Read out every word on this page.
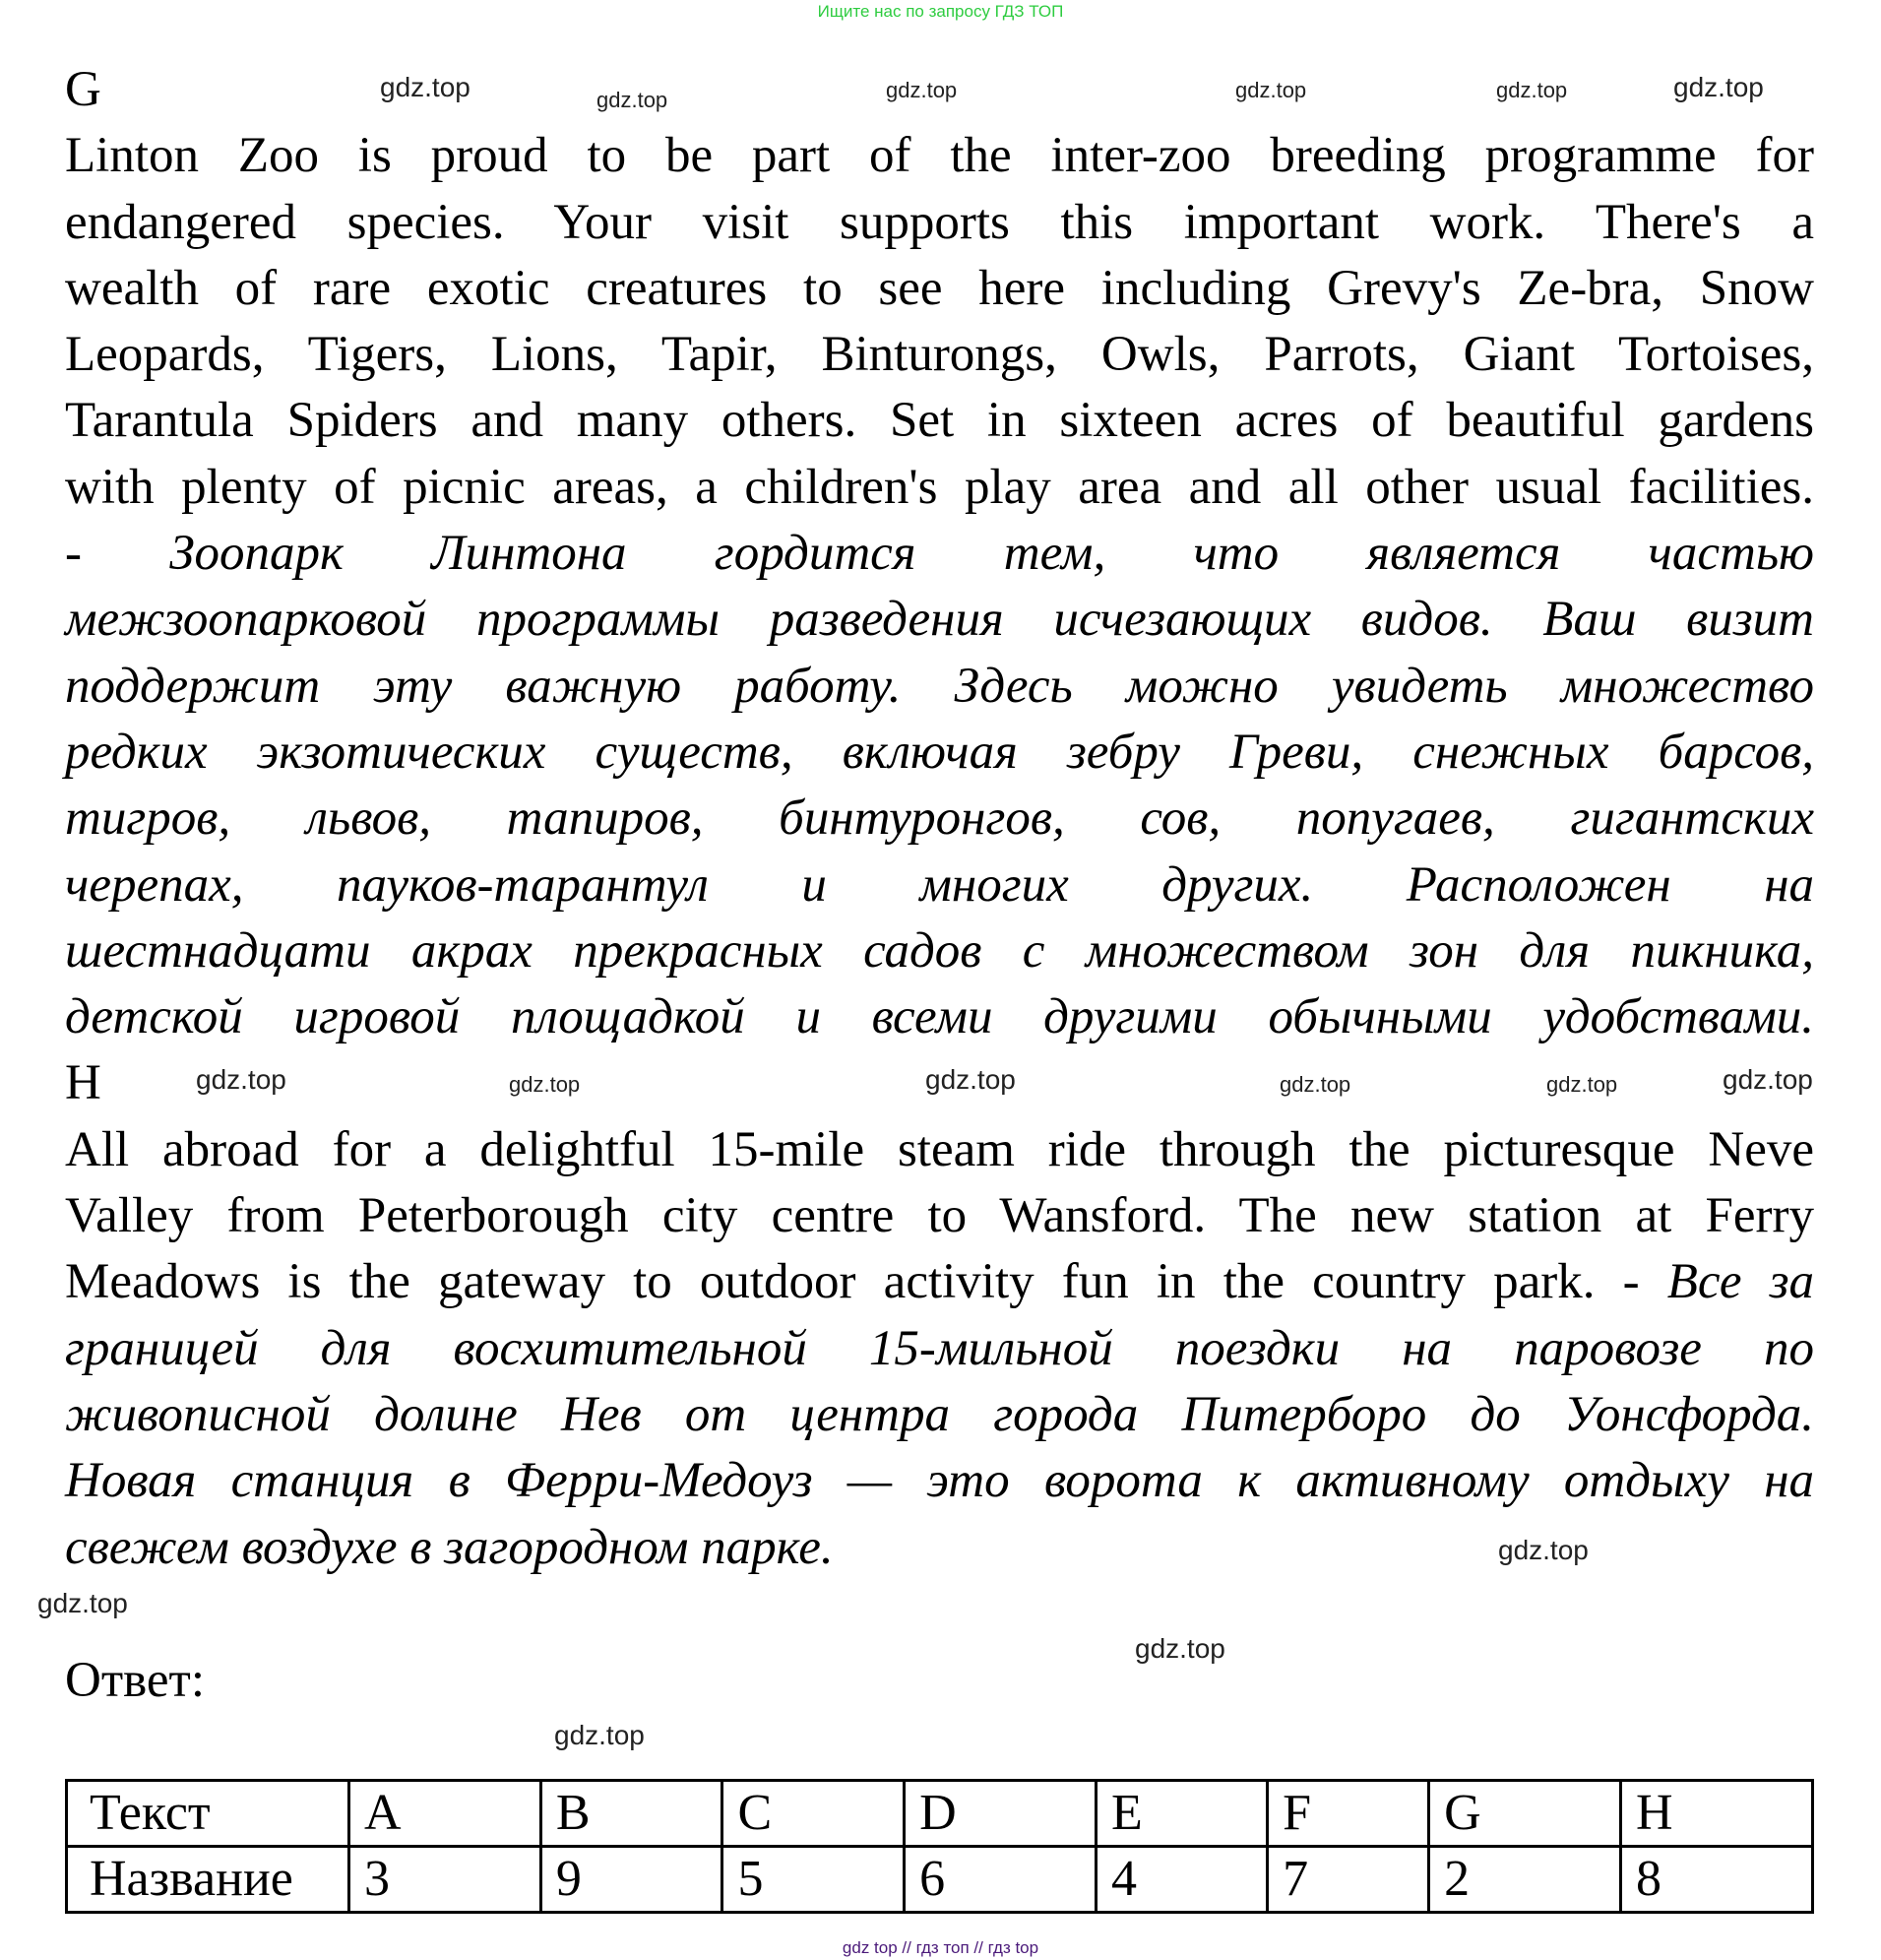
Ищите нас по запросу ГДЗ ТОП
G
Linton Zoo is proud to be part of the inter-zoo breeding programme for
endangered species. Your visit supports this important work. There's a
wealth of rare exotic creatures to see here including Grevy's Ze-bra, Snow
Leopards, Tigers, Lions, Tapir, Binturongs, Owls, Parrots, Giant Tortoises,
Tarantula Spiders and many others. Set in sixteen acres of beautiful gardens
with plenty of picnic areas, a children's play area and all other usual facilities.
- Зоопарк Линтона гордится тем, что является частью
межзоопарковой программы разведения исчезающих видов. Ваш визит
поддержит эту важную работу. Здесь можно увидеть множество
редких экзотических существ, включая зебру Греви, снежных барсов,
тигров, львов, тапиров, бинтуронгов, сов, попугаев, гигантских
черепах, пауков-тарантул и многих других. Расположен на
шестнадцати акрах прекрасных садов с множеством зон для пикника,
детской игровой площадкой и всеми другими обычными удобствами.
H
All abroad for a delightful 15-mile steam ride through the picturesque Neve
Valley from Peterborough city centre to Wansford. The new station at Ferry
Meadows is the gateway to outdoor activity fun in the country park. - Все за
границей для восхитительной 15-мильной поездки на паровозе по
живописной долине Нев от центра города Питерборо до Уонсфорда.
Новая станция в Ферри-Медоуз — это ворота к активному отдыху на
свежем воздухе в загородном парке.
Ответ:
Текст	A	B	C	D	E	F	G	H
Название	3	9	5	6	4	7	2	8
gdz.top	gdz.top	gdz.top	gdz.top	gdz.top	gdz.top
gdz.top	gdz.top	gdz.top	gdz.top	gdz.top	gdz.top
gdz.top
gdz.top
gdz.top
gdz.top
gdz top // гдз топ // гдз top
